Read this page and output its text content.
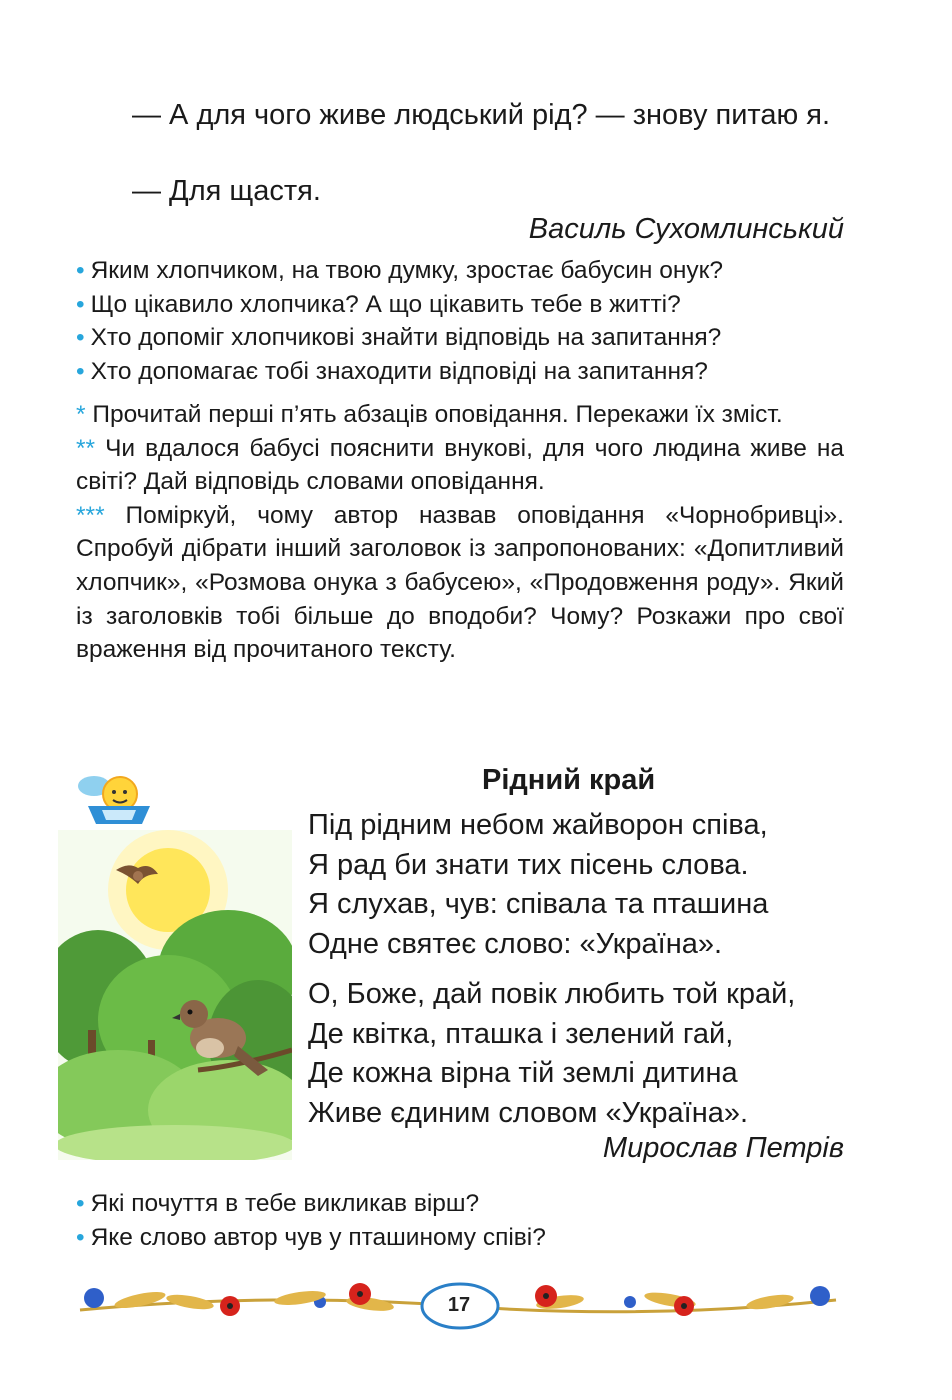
— А для чого живе людський рід? — знову питаю я.
— Для щастя.
Василь Сухомлинський
• Яким хлопчиком, на твою думку, зростає бабусин онук?
• Що цікавило хлопчика? А що цікавить тебе в житті?
• Хто допоміг хлопчикові знайти відповідь на запитання?
• Хто допомагає тобі знаходити відповіді на запитання?
* Прочитай перші п’ять абзаців оповідання. Перекажи їх зміст.
** Чи вдалося бабусі пояснити внукові, для чого людина живе на світі? Дай відповідь словами оповідання.
*** Поміркуй, чому автор назвав оповідання «Чорнобривці». Спробуй дібрати інший заголовок із запропонованих: «Допитливий хлопчик», «Розмова онука з бабусею», «Продовження роду». Який із заголовків тобі більше до вподоби? Чому? Розкажи про свої враження від прочитаного тексту.
Рідний край
Під рідним небом жайворон співа,
Я рад би знати тих пісень слова.
Я слухав, чув: співала та пташина
Одне святеє слово: «Україна».
О, Боже, дай повік любить той край,
Де квітка, пташка і зелений гай,
Де кожна вірна тій землі дитина
Живе єдиним словом «Україна».
Мирослав Петрів
• Які почуття в тебе викликав вірш?
• Яке слово автор чув у пташиному співі?
17
